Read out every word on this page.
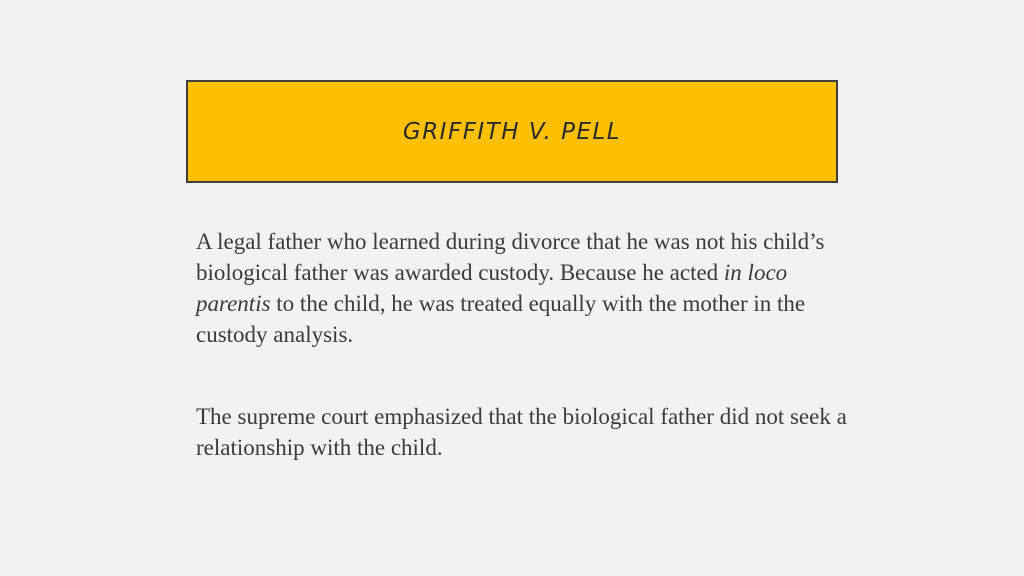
GRIFFITH V. PELL

A legal father who learned during divorce that he was not his child’s biological father was awarded custody. Because he acted in loco parentis to the child, he was treated equally with the mother in the custody analysis.

The supreme court emphasized that the biological father did not seek a relationship with the child.
